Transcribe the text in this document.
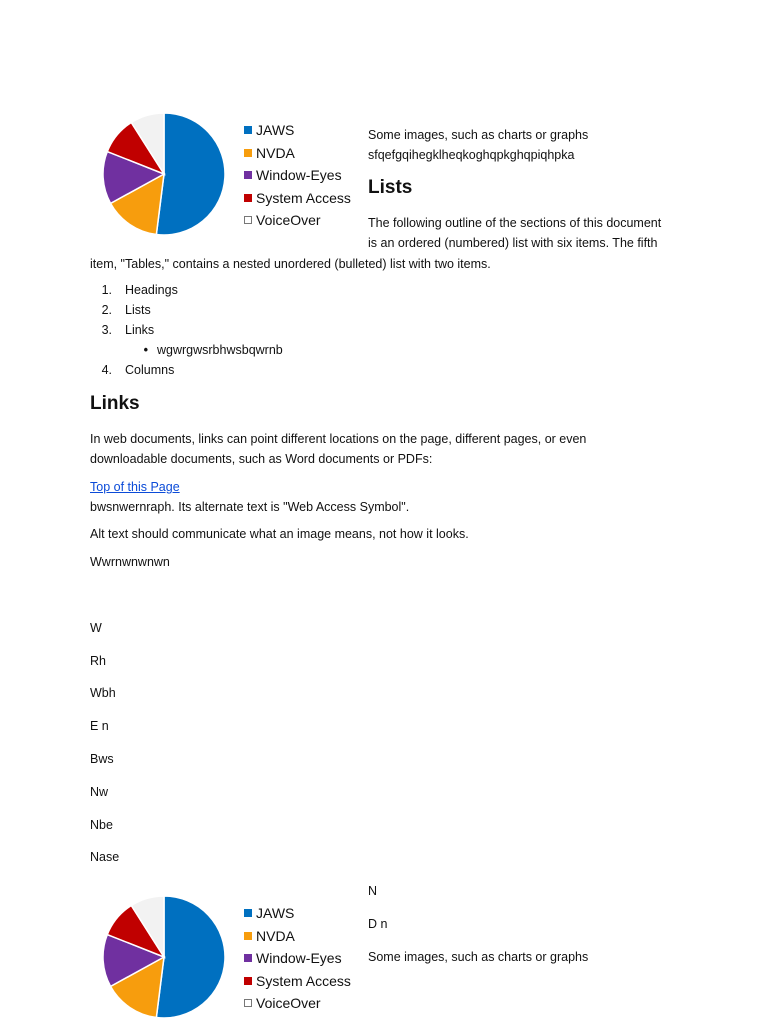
JAWS
NVDA
Window-Eyes
System Access
VoiceOver
Some images, such as charts or graphs
sfqefgqihegklheqkoghqpkghqpiqhpka
Lists
The following outline of the sections of this document
is an ordered (numbered) list with six items. The fifth
item, "Tables," contains a nested unordered (bulleted) list with two items.
1. Headings
2. Lists
3. Links
• wgwrgwsrbhwsbqwrnb
4. Columns
Links
In web documents, links can point different locations on the page, different pages, or even
downloadable documents, such as Word documents or PDFs:
Top of this Page
bwsnwernraph. Its alternate text is "Web Access Symbol".
Alt text should communicate what an image means, not how it looks.
Wwrnwnwnwn
W
Rh
Wbh
E n
Bws
Nw
Nbe
Nase
JAWS
NVDA
Window-Eyes
System Access
VoiceOver
N
D n
Some images, such as charts or graphs
